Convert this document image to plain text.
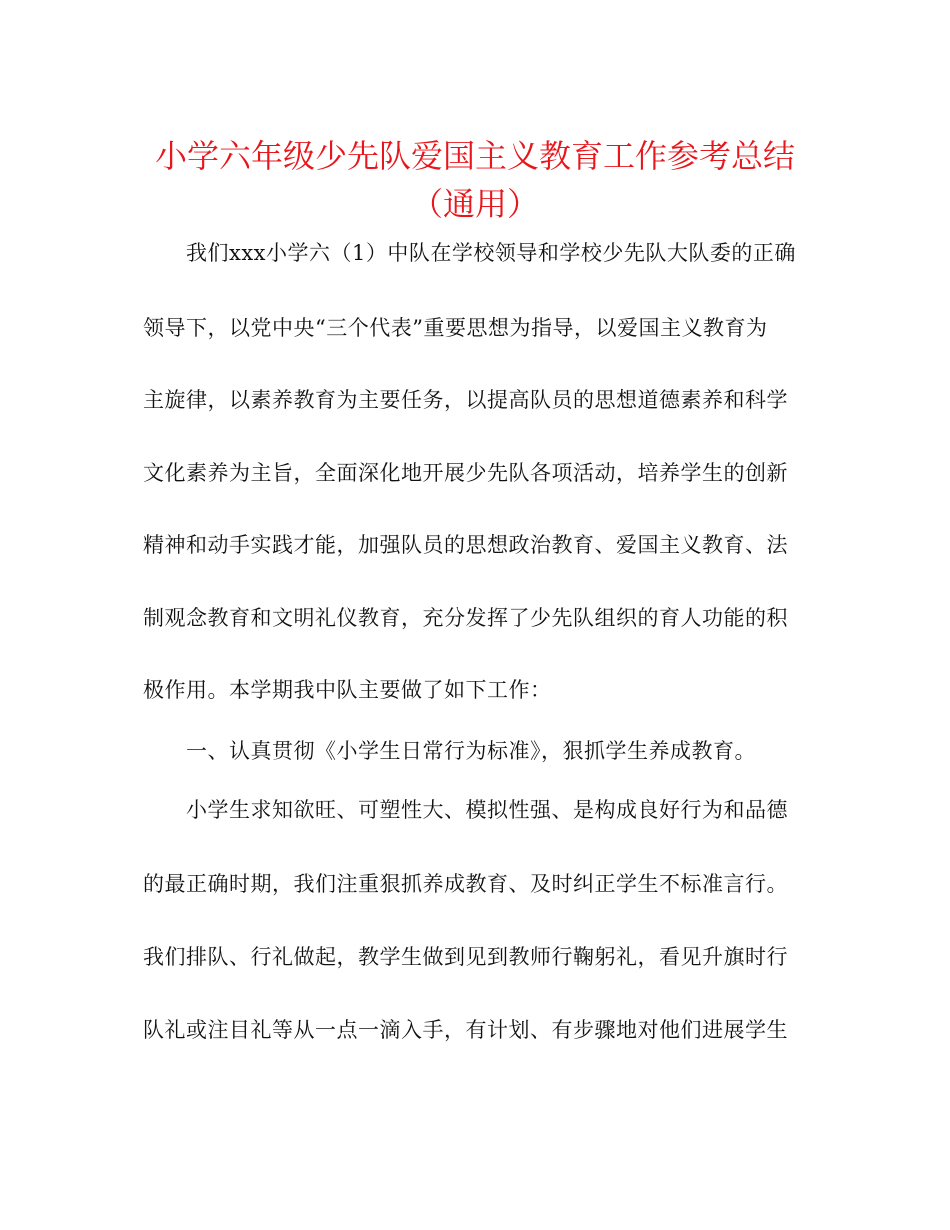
小学六年级少先队爱国主义教育工作参考总结
（通用）
我们xxx小学六（1）中队在学校领导和学校少先队大队委的正确
领导下，以党中央“三个代表”重要思想为指导，以爱国主义教育为
主旋律，以素养教育为主要任务，以提高队员的思想道德素养和科学
文化素养为主旨，全面深化地开展少先队各项活动，培养学生的创新
精神和动手实践才能，加强队员的思想政治教育、爱国主义教育、法
制观念教育和文明礼仪教育，充分发挥了少先队组织的育人功能的积
极作用。本学期我中队主要做了如下工作：
一、认真贯彻《小学生日常行为标准》，狠抓学生养成教育。
小学生求知欲旺、可塑性大、模拟性强、是构成良好行为和品德
的最正确时期，我们注重狠抓养成教育、及时纠正学生不标准言行。
我们排队、行礼做起，教学生做到见到教师行鞠躬礼，看见升旗时行
队礼或注目礼等从一点一滴入手，有计划、有步骤地对他们进展学生
